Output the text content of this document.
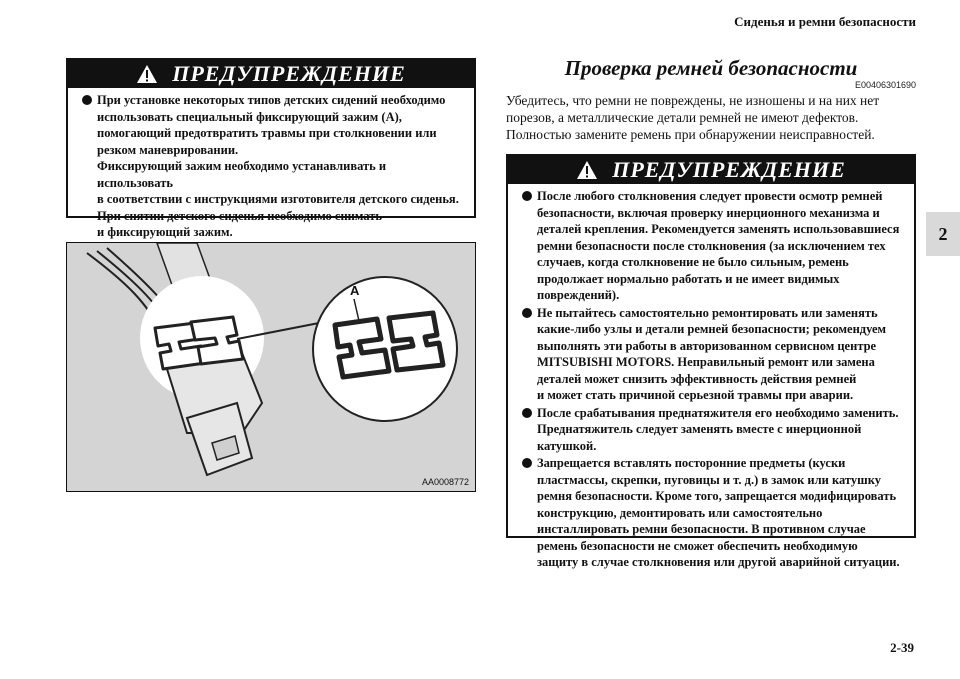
Сиденья и ремни безопасности
2
2-39
ПРЕДУПРЕЖДЕНИЕ

При установке некоторых типов детских сидений необходимо

использовать специальный фиксирующий зажим (A),

помогающий предотвратить травмы при столкновении или

резком маневрировании.

Фиксирующий зажим необходимо устанавливать и использовать

в соответствии с инструкциями изготовителя детского сиденья.

При снятии детского сиденья необходимо снимать

и фиксирующий зажим.

A
AA0008772
Проверка ремней безопасности
E00406301690

Убедитесь, что ремни не повреждены, не изношены и на них нет

порезов, а металлические детали ремней не имеют дефектов.

Полностью замените ремень при обнаружении неисправностей.

ПРЕДУПРЕЖДЕНИЕ

После любого столкновения следует провести осмотр ремней

безопасности, включая проверку инерционного механизма и

деталей крепления. Рекомендуется заменять использовавшиеся

ремни безопасности после столкновения (за исключением тех

случаев, когда столкновение не было сильным, ремень

продолжает нормально работать и не имеет видимых

повреждений).

Не пытайтесь самостоятельно ремонтировать или заменять

какие-либо узлы и детали ремней безопасности; рекомендуем

выполнять эти работы в авторизованном сервисном центре

MITSUBISHI MOTORS. Неправильный ремонт или замена

деталей может снизить эффективность действия ремней

и может стать причиной серьезной травмы при аварии.

После срабатывания преднатяжителя его необходимо заменить.

Преднатяжитель следует заменять вместе с инерционной

катушкой.

Запрещается вставлять посторонние предметы (куски

пластмассы, скрепки, пуговицы и т. д.) в замок или катушку

ремня безопасности. Кроме того, запрещается модифицировать

конструкцию, демонтировать или самостоятельно

инсталлировать ремни безопасности. В противном случае

ремень безопасности не сможет обеспечить необходимую

защиту в случае столкновения или другой аварийной ситуации.
